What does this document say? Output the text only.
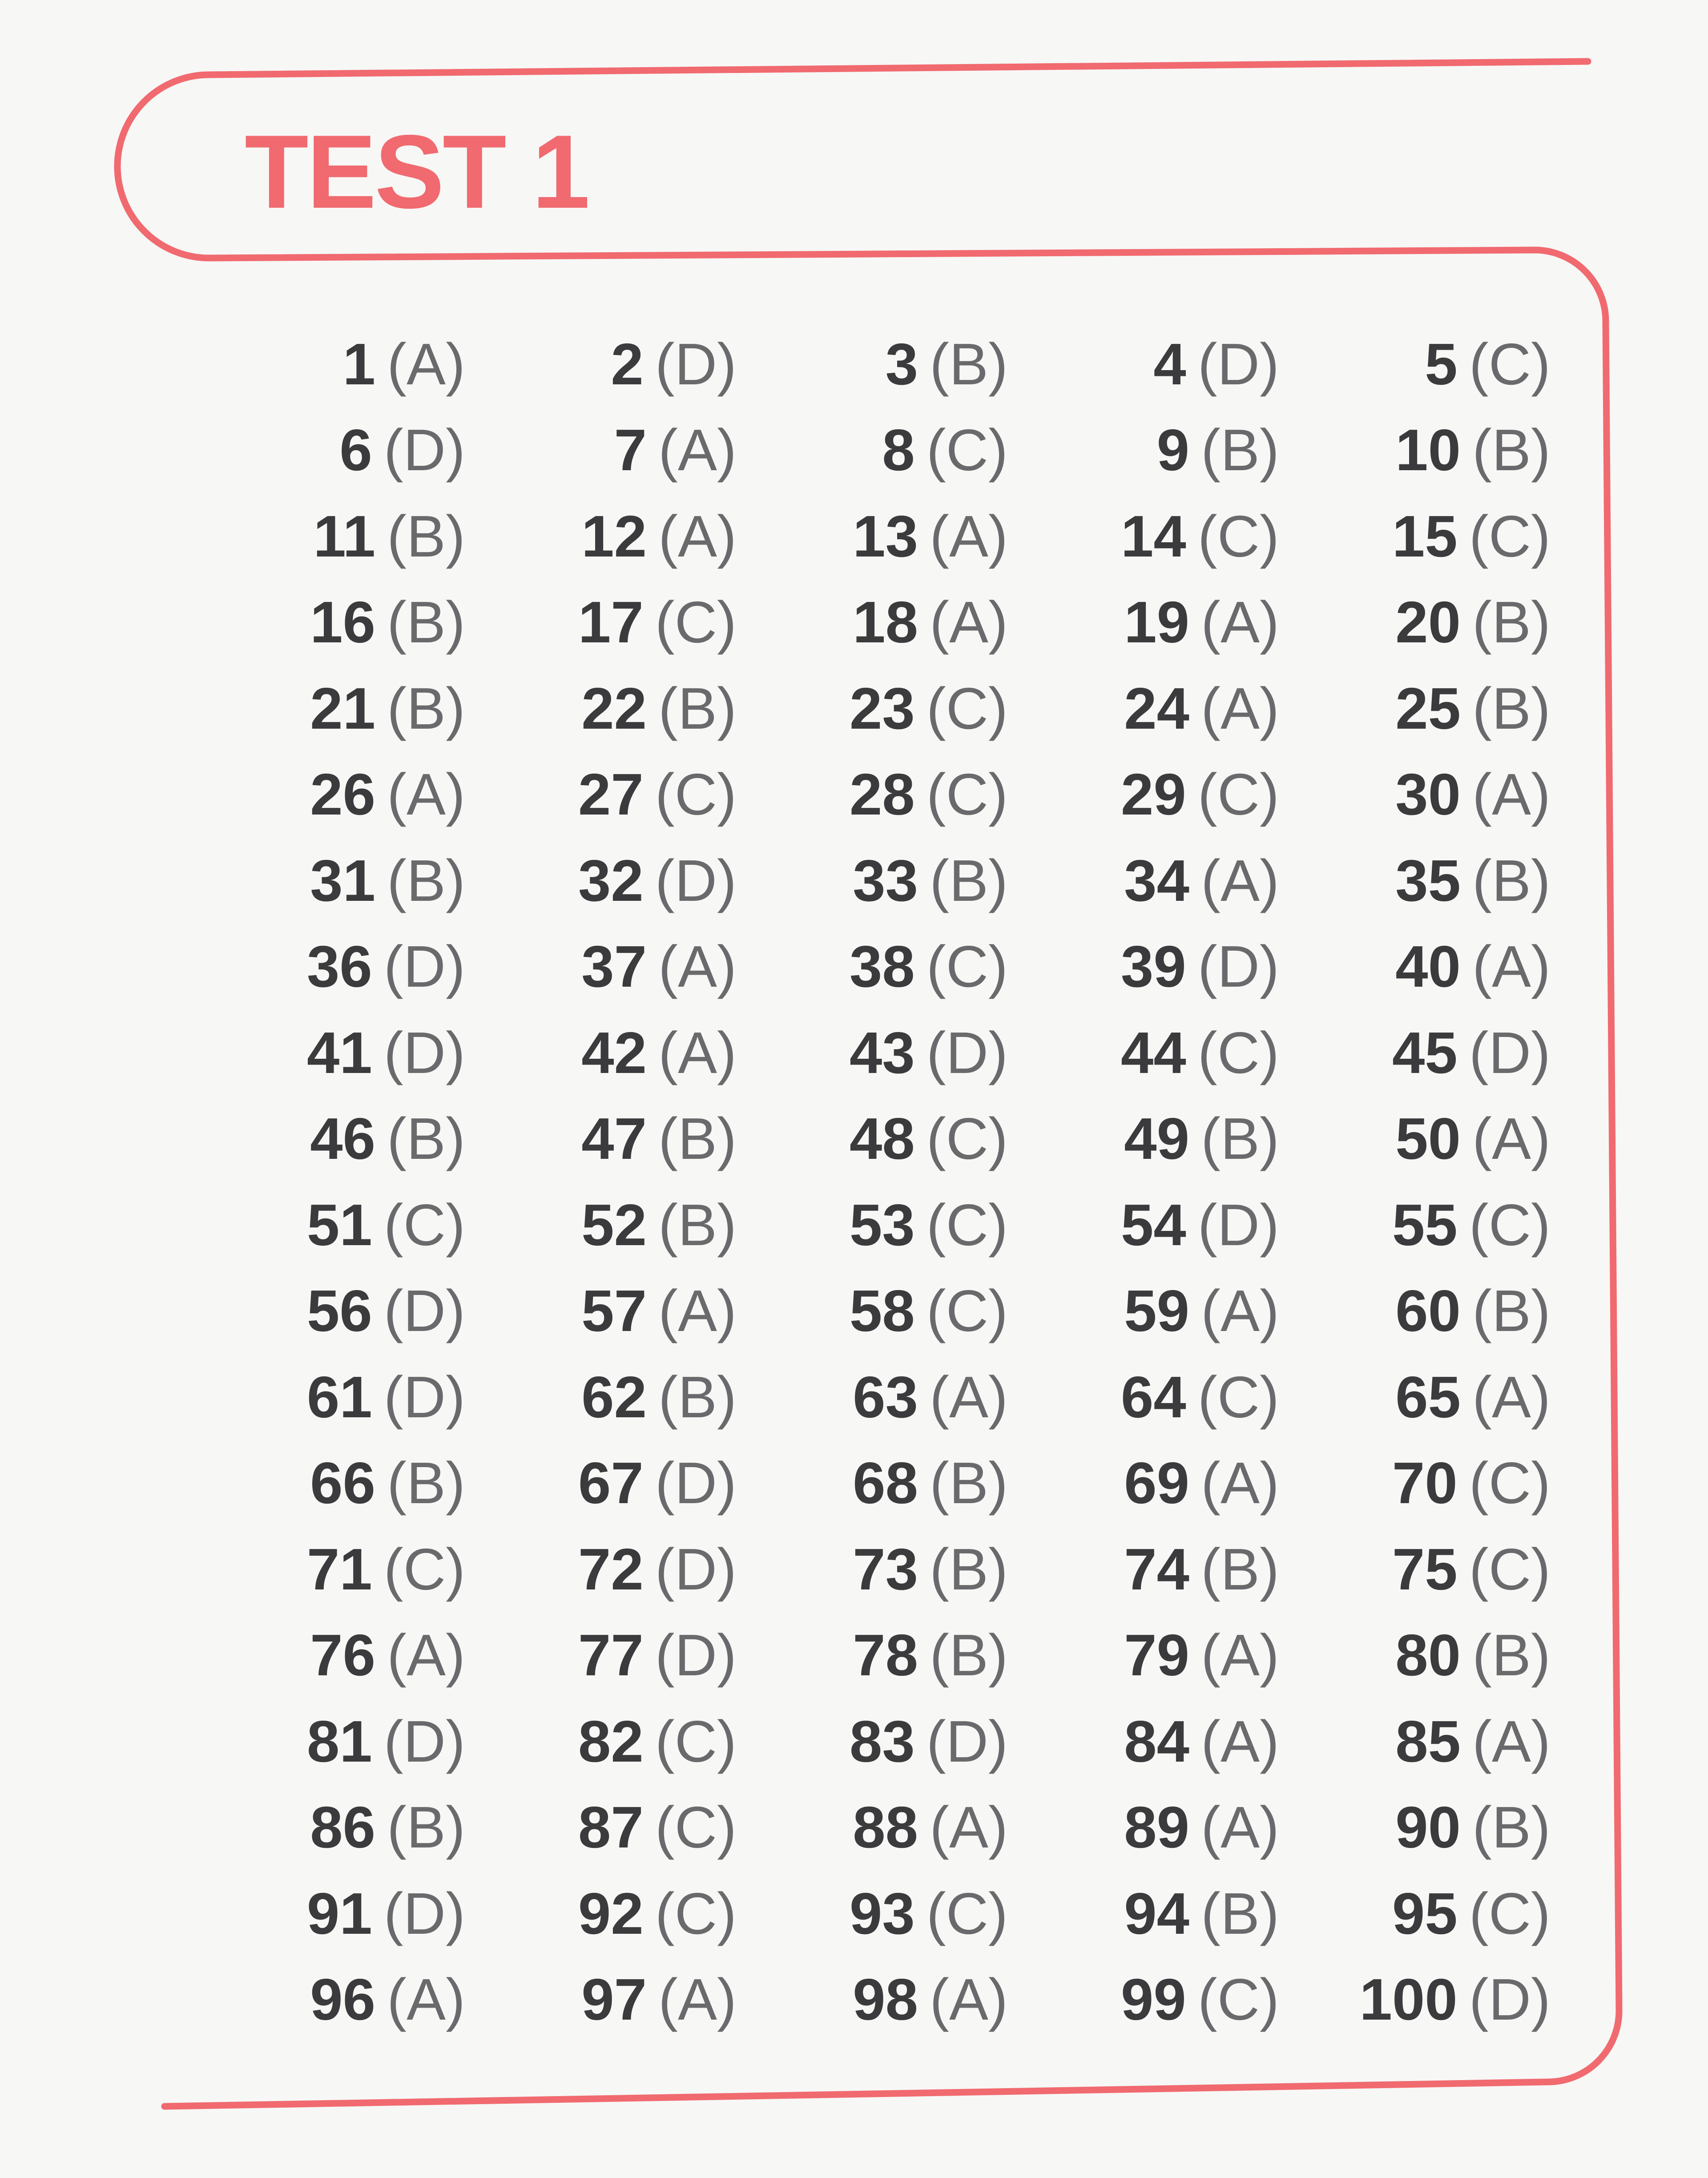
TEST 1
1 (A) 2 (D)	3 (B) 4 (D) 5 (C)
6 (D)	7 (A) 8 (C)	9 (B) 10 (B)
11 (B) 12 (A) 13 (A) 14 (C) 15 (C)
16 (B) 17 (C) 18 (A) 19 (A) 20 (B)
21 (B) 22 (B) 23 (C) 24 (A) 25 (B)
26 (A) 27 (C) 28 (C) 29 (C) 30 (A)
31 (B) 32 (D) 33 (B) 34 (A) 35 (B)
36 (D) 37 (A) 38 (C) 39 (D) 40 (A)
41 (D) 42 (A) 43 (D) 44 (C) 45 (D)
46 (B) 47 (B) 48 (C) 49 (B) 50 (A)
51 (C) 52 (B) 53 (C) 54 (D) 55 (C)
56 (D) 57 (A) 58 (C) 59 (A) 60 (B)
61 (D) 62 (B) 63 (A) 64 (C) 65 (A)
66 (B) 67 (D) 68 (B) 69 (A) 70 (C)
71 (C) 72 (D) 73 (B) 74 (B) 75 (C)
76 (A) 77 (D) 78 (B) 79 (A) 80 (B)
81 (D) 82 (C) 83 (D) 84 (A) 85 (A)
86 (B) 87 (C) 88 (A) 89 (A) 90 (B)
91 (D) 92 (C) 93 (C) 94 (B) 95 (C)
96 (A) 97 (A) 98 (A) 99 (C) 100 (D)
